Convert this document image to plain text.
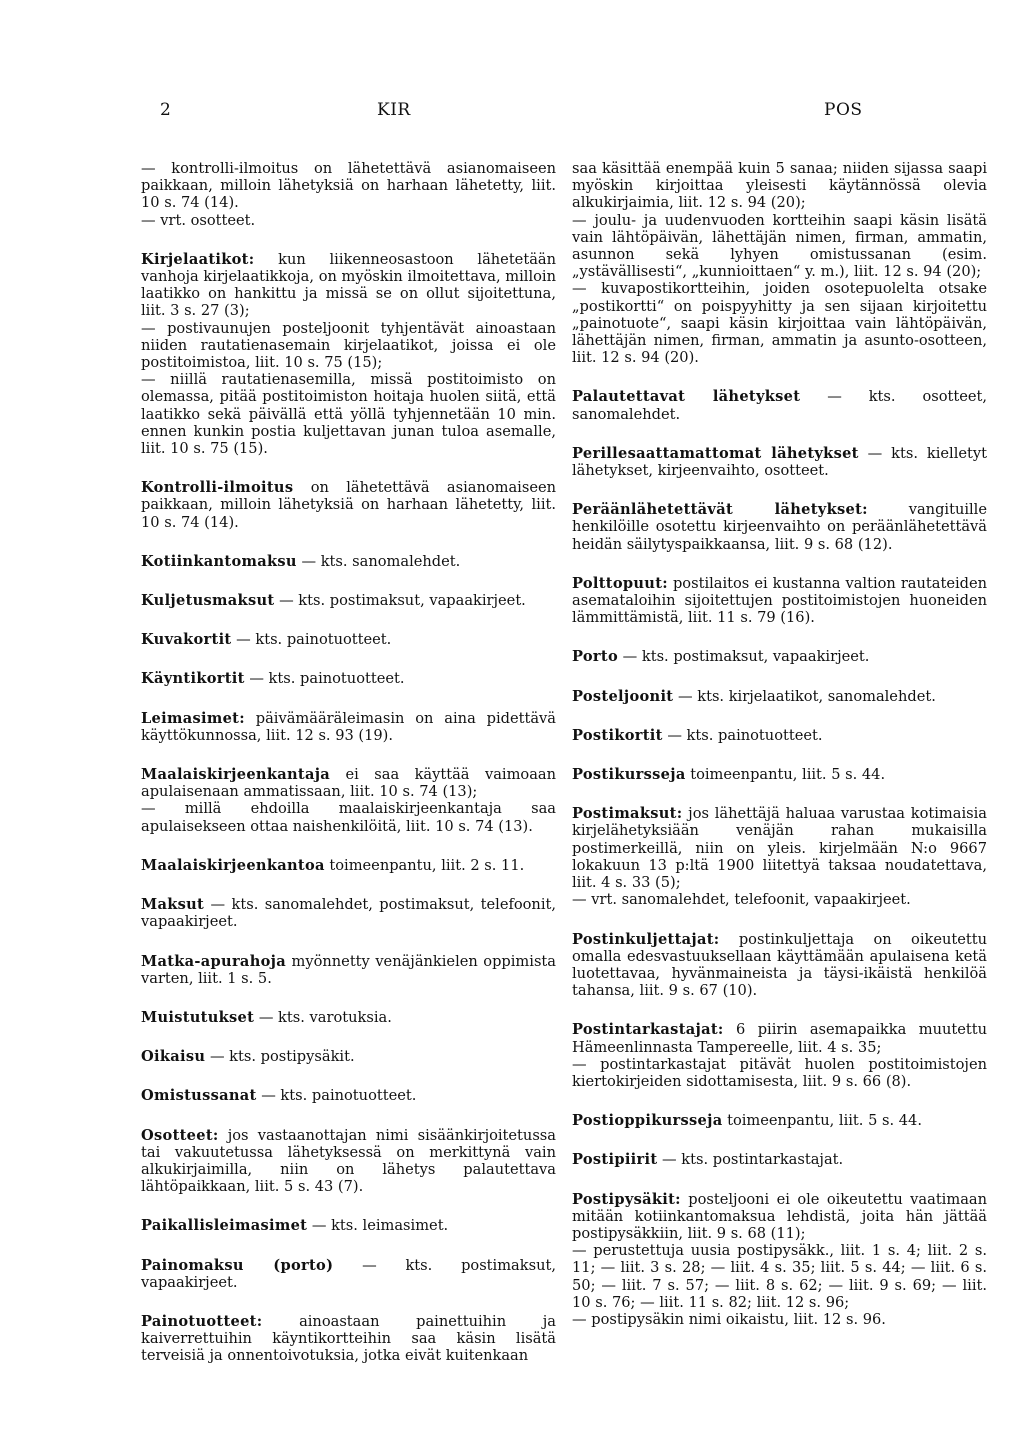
2	KIR	POS
— kontrolli-ilmoitus on lähetettävä asianomaiseen paikkaan, milloin lähetyksiä on harhaan lähetetty, liit. 10 s. 74 (14).
— vrt. osotteet.
Kirjelaatikot: kun liikenneosastoon lähetetään vanhoja kirjelaatikkoja, on myöskin ilmoitettava, milloin laatikko on hankittu ja missä se on ollut sijoitettuna, liit. 3 s. 27 (3);
— postivaunujen posteljoonit tyhjentävät ainoastaan niiden rautatienasemain kirjelaatikot, joissa ei ole postitoimistoa, liit. 10 s. 75 (15);
— niillä rautatienasemilla, missä postitoimisto on olemassa, pitää postitoimiston hoitaja huolen siitä, että laatikko sekä päivällä että yöllä tyhjennetään 10 min. ennen kunkin postia kuljettavan junan tuloa asemalle, liit. 10 s. 75 (15).
Kontrolli-ilmoitus on lähetettävä asianomaiseen paikkaan, milloin lähetyksiä on harhaan lähetetty, liit. 10 s. 74 (14).
Kotiinkantomaksu — kts. sanomalehdet.
Kuljetusmaksut — kts. postimaksut, vapaakirjeet.
Kuvakortit — kts. painotuotteet.
Käyntikortit — kts. painotuotteet.
Leimasimet: päivämääräleimasin on aina pidettävä käyttökunnossa, liit. 12 s. 93 (19).
Maalaiskirjeenkantaja ei saa käyttää vaimoaan apulaisenaan ammatissaan, liit. 10 s. 74 (13);
— millä ehdoilla maalaiskirjeenkantaja saa apulaisekseen ottaa naishenkilöitä, liit. 10 s. 74 (13).
Maalaiskirjeenkantoa toimeenpantu, liit. 2 s. 11.
Maksut — kts. sanomalehdet, postimaksut, telefoonit, vapaakirjeet.
Matka-apurahoja myönnetty venäjänkielen oppimista varten, liit. 1 s. 5.
Muistutukset — kts. varotuksia.
Oikaisu — kts. postipysäkit.
Omistussanat — kts. painotuotteet.
Osotteet: jos vastaanottajan nimi sisäänkirjoitetussa tai vakuutetussa lähetyksessä on merkittynä vain alkukirjaimilla, niin on lähetys palautettava lähtöpaikkaan, liit. 5 s. 43 (7).
Paikallisleimasimet — kts. leimasimet.
Painomaksu (porto) — kts. postimaksut, vapaakirjeet.
Painotuotteet:	ainoastaan painettuihin ja kaiverrettuihin käyntikortteihin saa käsin lisätä terveisiä ja onnentoivotuksia, jotka eivät kuitenkaan
saa käsittää enempää kuin 5 sanaa; niiden sijassa saapi myöskin kirjoittaa yleisesti käytännössä olevia alkukirjaimia, liit. 12 s. 94 (20);
— joulu- ja uudenvuoden kortteihin saapi käsin lisätä vain lähtöpäivän, lähettäjän nimen, firman, ammatin, asunnon sekä lyhyen omistussanan (esim. „ystävällisesti“, „kunnioittaen“ y. m.), liit. 12 s. 94 (20);
— kuvapostikortteihin, joiden osotepuolelta otsake „postikortti“ on poispyyhitty ja sen sijaan kirjoitettu „painotuote“, saapi käsin kirjoittaa vain lähtöpäivän, lähettäjän nimen, firman, ammatin ja asunto-osotteen, liit. 12 s. 94 (20).
Palautettavat lähetykset — kts. osotteet, sanomalehdet.
Perillesaattamattomat lähetykset — kts. kielletyt lähetykset, kirjeenvaihto, osotteet.
Peräänlähetettävät lähetykset:	vangituille henkilöille osotettu kirjeenvaihto on peräänlähetettävä heidän säilytyspaikkaansa, liit. 9 s. 68 (12).
Polttopuut: postilaitos ei kustanna valtion rautateiden asemataloihin sijoitettujen postitoimistojen huoneiden lämmittämistä, liit. 11 s. 79 (16).
Porto — kts. postimaksut, vapaakirjeet.
Posteljoonit — kts. kirjelaatikot, sanomalehdet.
Postikortit — kts. painotuotteet.
Postikursseja toimeenpantu, liit. 5 s. 44.
Postimaksut: jos lähettäjä haluaa varustaa kotimaisia kirjelähetyksiään venäjän rahan mukaisilla postimerkeillä, niin on yleis. kirjelmään N:o 9667 lokakuun 13 p:ltä 1900 liitettyä taksaa noudatettava, liit. 4 s. 33 (5);
— vrt. sanomalehdet, telefoonit, vapaakirjeet.
Postinkuljettajat: postinkuljettaja on oikeutettu omalla edesvastuuksellaan käyttämään apulaisena ketä luotettavaa, hyvänmaineista ja täysi-ikäistä henkilöä tahansa, liit. 9 s. 67 (10).
Postintarkastajat: 6 piirin asemapaikka muutettu Hämeenlinnasta Tampereelle, liit. 4 s. 35;
— postintarkastajat pitävät huolen postitoimistojen kiertokirjeiden sidottamisesta, liit. 9 s. 66 (8).
Postioppikursseja toimeenpantu, liit. 5 s. 44.
Postipiirit — kts. postintarkastajat.
Postipysäkit: posteljooni ei ole oikeutettu vaatimaan mitään kotiinkantomaksua lehdistä, joita hän jättää postipysäkkiin, liit. 9 s. 68 (11);
— perustettuja uusia postipysäkk., liit. 1 s. 4; liit. 2 s. 11; — liit. 3 s. 28; — liit. 4 s. 35; liit. 5 s. 44; — liit. 6 s. 50; — liit. 7 s. 57; — liit. 8 s. 62; — liit. 9 s. 69; — liit. 10 s. 76; — liit. 11 s. 82; liit. 12 s. 96;
— postipysäkin nimi oikaistu, liit. 12 s. 96.
